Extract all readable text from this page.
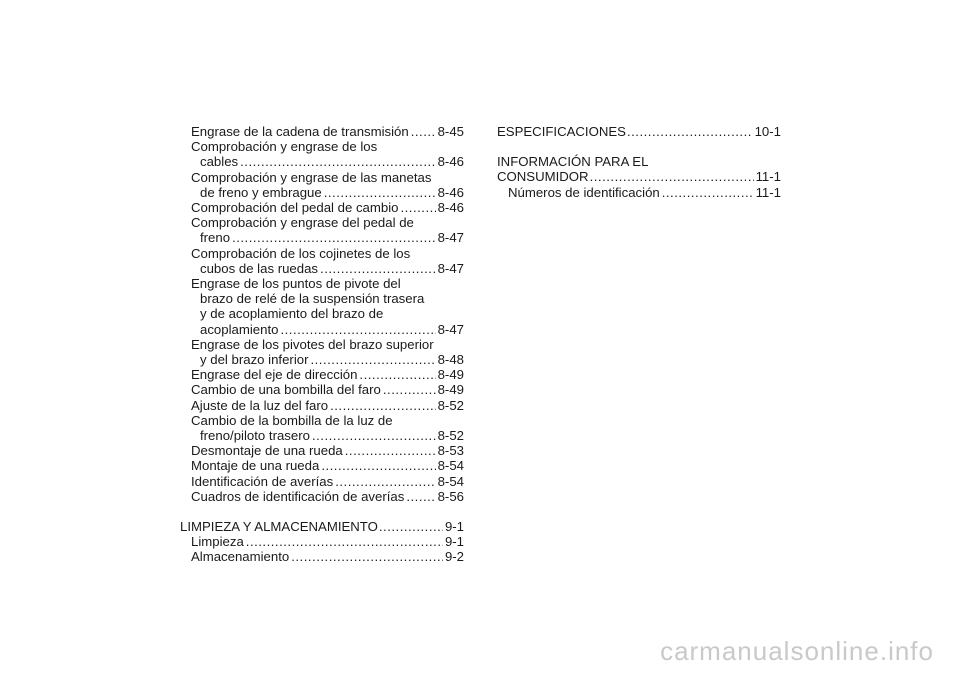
Engrase de la cadena de transmisión ..... 8-45
Comprobación y engrase de los
cables .....	8-46
Comprobación y engrase de las manetas
de freno y embrague .....	8-46
Comprobación del pedal de cambio .....	8-46
Comprobación y engrase del pedal de
freno .....	8-47
Comprobación de los cojinetes de los
cubos de las ruedas .....	8-47
Engrase de los puntos de pivote del
brazo de relé de la suspensión trasera
y de acoplamiento del brazo de
acoplamiento .....	8-47
Engrase de los pivotes del brazo superior
y del brazo inferior .....	8-48
Engrase del eje de dirección .....	8-49
Cambio de una bombilla del faro .....	8-49
Ajuste de la luz del faro .....	8-52
Cambio de la bombilla de la luz de
freno/piloto trasero .....	8-52
Desmontaje de una rueda .....	8-53
Montaje de una rueda .....	8-54
Identificación de averías .....	8-54
Cuadros de identificación de averías .....	8-56
LIMPIEZA Y ALMACENAMIENTO .....	9-1
Limpieza .....	9-1
Almacenamiento .....	9-2
ESPECIFICACIONES .....	10-1
INFORMACIÓN PARA EL
CONSUMIDOR .....	11-1
Números de identificación .....	11-1
carmanualsonline.info
